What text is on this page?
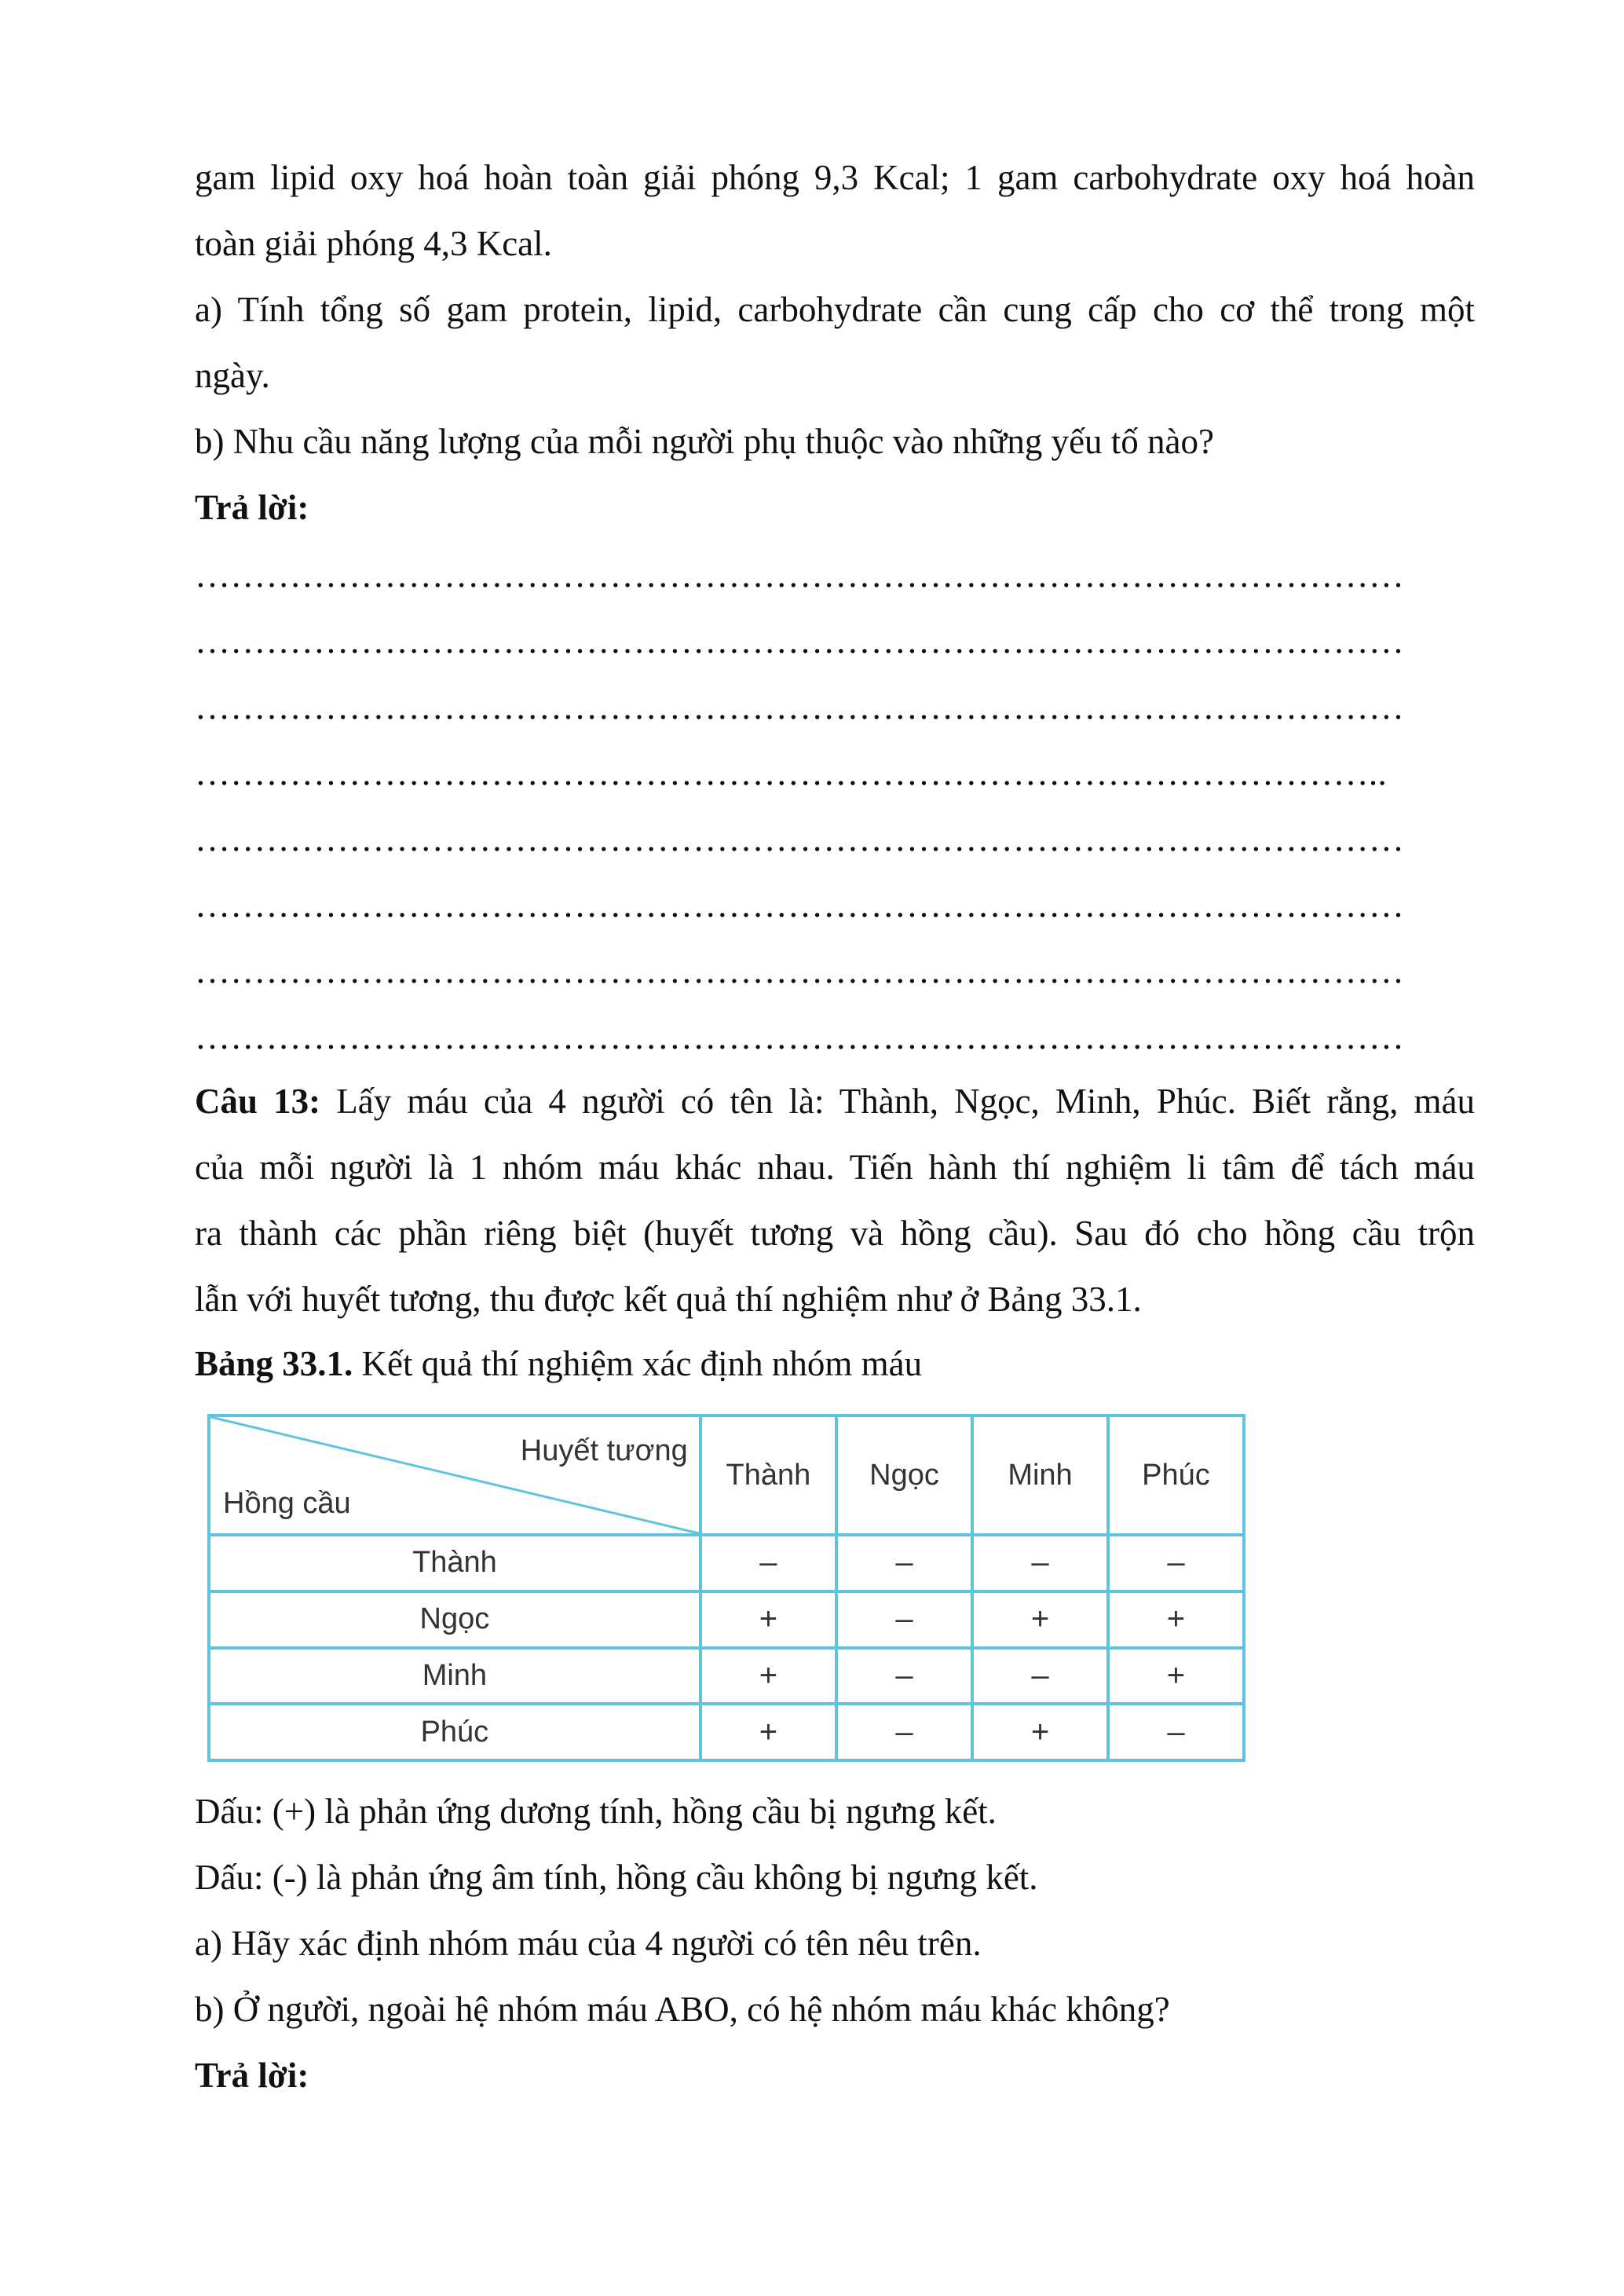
gam lipid oxy hoá hoàn toàn giải phóng 9,3 Kcal; 1 gam carbohydrate oxy hoá hoàn
toàn giải phóng 4,3 Kcal.
a) Tính tổng số gam protein, lipid, carbohydrate cần cung cấp cho cơ thể trong một
ngày.
b) Nhu cầu năng lượng của mỗi người phụ thuộc vào những yếu tố nào?
Trả lời:
…………………………………………………………………………………………
…………………………………………………………………………………………
…………………………………………………………………………………………
………………………………………………………………………………………..
…………………………………………………………………………………………
…………………………………………………………………………………………
…………………………………………………………………………………………
…………………………………………………………………………………………
Câu 13: Lấy máu của 4 người có tên là: Thành, Ngọc, Minh, Phúc. Biết rằng, máu
của mỗi người là 1 nhóm máu khác nhau. Tiến hành thí nghiệm li tâm để tách máu
ra thành các phần riêng biệt (huyết tương và hồng cầu). Sau đó cho hồng cầu trộn
lẫn với huyết tương, thu được kết quả thí nghiệm như ở Bảng 33.1.
Bảng 33.1. Kết quả thí nghiệm xác định nhóm máu
Huyết tương
Hồng cầu	Thành	Ngọc	Minh	Phúc
Thành	–	–	–	–
Ngọc	+	–	+	+
Minh	+	–	–	+
Phúc	+	–	+	–
Dấu: (+) là phản ứng dương tính, hồng cầu bị ngưng kết.
Dấu: (-) là phản ứng âm tính, hồng cầu không bị ngưng kết.
a) Hãy xác định nhóm máu của 4 người có tên nêu trên.
b) Ở người, ngoài hệ nhóm máu ABO, có hệ nhóm máu khác không?
Trả lời:
